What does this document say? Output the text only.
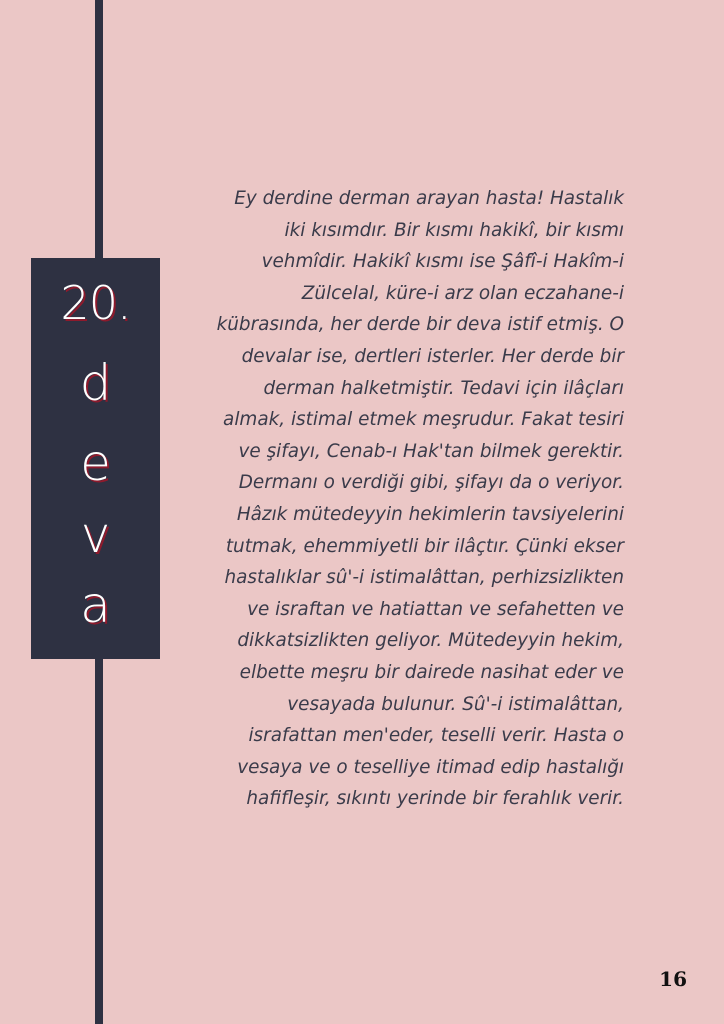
20.
d
e
v
a
Ey derdine derman arayan hasta! Hastalık
iki kısımdır. Bir kısmı hakikî, bir kısmı
vehmîdir. Hakikî kısmı ise Şâfî-i Hakîm-i
Zülcelal, küre-i arz olan eczahane-i
kübrasında, her derde bir deva istif etmiş. O
devalar ise, dertleri isterler. Her derde bir
derman halketmiştir. Tedavi için ilâçları
almak, istimal etmek meşrudur. Fakat tesiri
ve şifayı, Cenab-ı Hak'tan bilmek gerektir.
Dermanı o verdiği gibi, şifayı da o veriyor.
Hâzık mütedeyyin hekimlerin tavsiyelerini
tutmak, ehemmiyetli bir ilâçtır. Çünki ekser
hastalıklar sû'-i istimalâttan, perhizsizlikten
ve israftan ve hatiattan ve sefahetten ve
dikkatsizlikten geliyor. Mütedeyyin hekim,
elbette meşru bir dairede nasihat eder ve
vesayada bulunur. Sû'-i istimalâttan,
israfattan men'eder, teselli verir. Hasta o
vesaya ve o teselliye itimad edip hastalığı
hafifleşir, sıkıntı yerinde bir ferahlık verir.
16
